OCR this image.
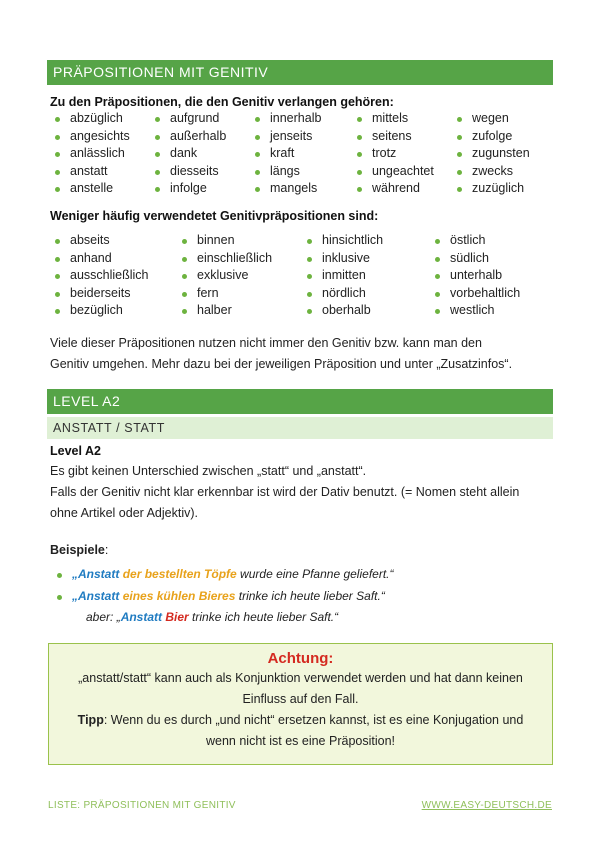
PRÄPOSITIONEN MIT GENITIV
Zu den Präpositionen, die den Genitiv verlangen gehören:
abzüglich
angesichts
anlässlich
anstatt
anstelle
aufgrund
außerhalb
dank
diesseits
infolge
innerhalb
jenseits
kraft
längs
mangels
mittels
seitens
trotz
ungeachtet
während
wegen
zufolge
zugunsten
zwecks
zuzüglich
Weniger häufig verwendetet Genitivpräpositionen sind:
abseits
anhand
ausschließlich
beiderseits
bezüglich
binnen
einschließlich
exklusive
fern
halber
hinsichtlich
inklusive
inmitten
nördlich
oberhalb
östlich
südlich
unterhalb
vorbehaltlich
westlich
Viele dieser Präpositionen nutzen nicht immer den Genitiv bzw. kann man den
Genitiv umgehen. Mehr dazu bei der jeweiligen Präposition und unter „Zusatzinfos“.
LEVEL A2
ANSTATT / STATT
Level A2
Es gibt keinen Unterschied zwischen „statt“ und „anstatt“.
Falls der Genitiv nicht klar erkennbar ist wird der Dativ benutzt. (= Nomen steht allein
ohne Artikel oder Adjektiv).
Beispiele:
„Anstatt der bestellten Töpfe wurde eine Pfanne geliefert.“
„Anstatt eines kühlen Bieres trinke ich heute lieber Saft.“
aber: „Anstatt Bier trinke ich heute lieber Saft.“
Achtung:
„anstatt/statt“ kann auch als Konjunktion verwendet werden und hat dann keinen
Einfluss auf den Fall.
Tipp: Wenn du es durch „und nicht“ ersetzen kannst, ist es eine Konjugation und
wenn nicht ist es eine Präposition!
LISTE: PRÄPOSITIONEN MIT GENITIV	WWW.EASY-DEUTSCH.DE
